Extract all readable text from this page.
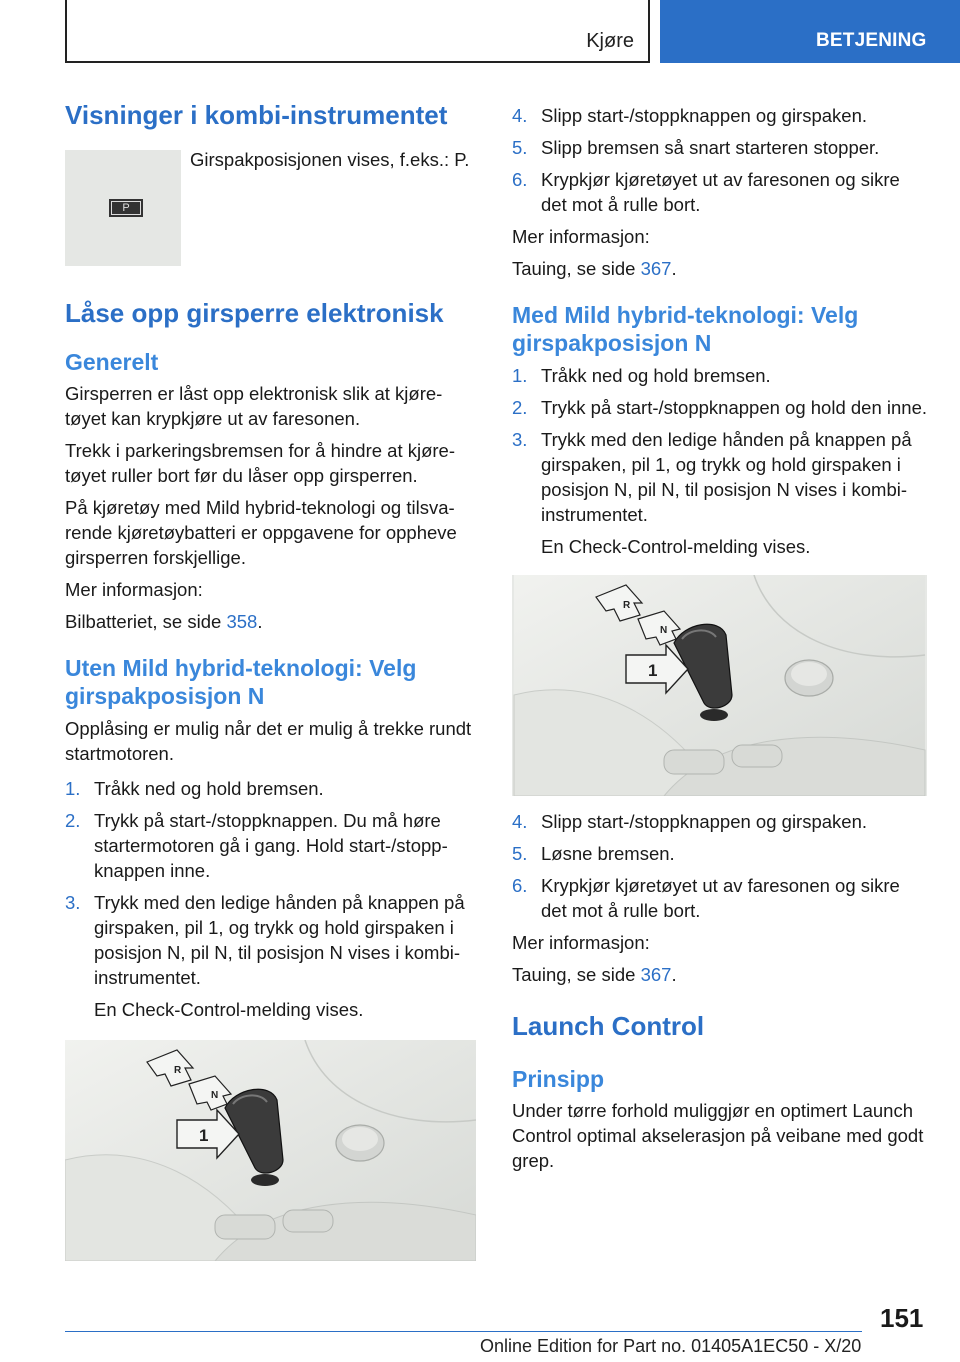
Kjøre	BETJENING
Visninger i kombi-instrumentet
P

Girspakposisjonen vises, f.eks.: P.

Låse opp girsperre elektronisk
Generelt

Girsperren er låst opp elektronisk slik at kjøretøyet kan krypkjøre ut av faresonen.

Trekk i parkeringsbremsen for å hindre at kjøretøyet ruller bort før du låser opp girsperren.

På kjøretøy med Mild hybrid-teknologi og tilsvarende kjøretøybatteri er oppgavene for oppheve girsperren forskjellige.

Mer informasjon:

Bilbatteriet, se side 358.

Uten Mild hybrid-teknologi: Velg girspakposisjon N

Opplåsing er mulig når det er mulig å trekke rundt startmotoren.

1. Tråkk ned og hold bremsen.
2. Trykk på start-/stoppknappen. Du må høre startermotoren gå i gang. Hold start-/stoppknappen inne.
3. Trykk med den ledige hånden på knappen på girspaken, pil 1, og trykk og hold girspaken i posisjon N, pil N, til posisjon N vises i kombiinstrumentet.

En Check-Control-melding vises.

R
N
1
4. Slipp start-/stoppknappen og girspaken.
5. Slipp bremsen så snart starteren stopper.
6. Krypkjør kjøretøyet ut av faresonen og sikre det mot å rulle bort.

Mer informasjon:

Tauing, se side 367.

Med Mild hybrid-teknologi: Velg girspakposisjon N
1. Tråkk ned og hold bremsen.
2. Trykk på start-/stoppknappen og hold den inne.
3. Trykk med den ledige hånden på knappen på girspaken, pil 1, og trykk og hold girspaken i posisjon N, pil N, til posisjon N vises i kombiinstrumentet.

En Check-Control-melding vises.

R
N
1
4. Slipp start-/stoppknappen og girspaken.
5. Løsne bremsen.
6. Krypkjør kjøretøyet ut av faresonen og sikre det mot å rulle bort.

Mer informasjon:

Tauing, se side 367.

Launch Control
Prinsipp

Under tørre forhold muliggjør en optimert Launch Control optimal akselerasjon på veibane med godt grep.

151
Online Edition for Part no. 01405A1EC50 - X/20
